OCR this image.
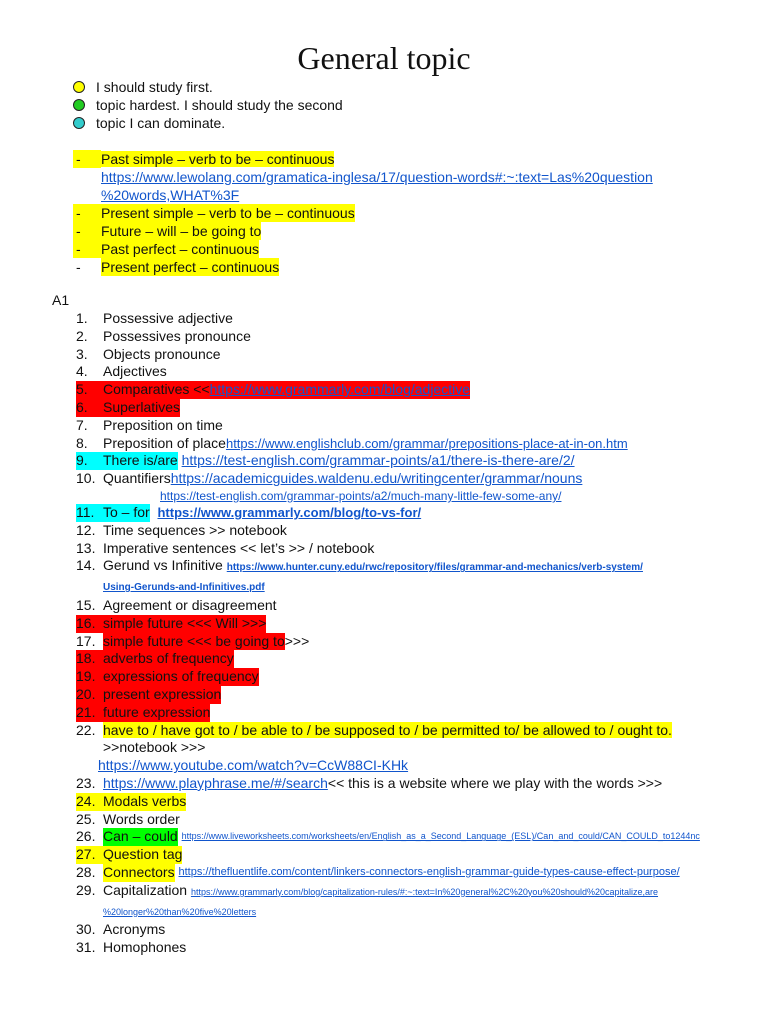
General topic
I should study first.
topic hardest. I should study the second
topic I can dominate.
-	Past simple – verb to be – continuous
https://www.lewolang.com/gramatica-inglesa/17/question-words#:~:text=Las%20question
%20words,WHAT%3F
-	Present simple – verb to be – continuous
-	Future – will – be going to
-	Past perfect – continuous
-	Present perfect – continuous
A1
1.	Possessive adjective
2.	Possessives pronounce
3.	Objects pronounce
4.	Adjectives
5.	Comparatives << https://www.grammarly.com/blog/adjective
6.	Superlatives
7.	Preposition on time
8.	Preposition of place https://www.englishclub.com/grammar/prepositions-place-at-in-on.htm
9.	There is/are
https://test-english.com/grammar-points/a1/there-is-there-are/2/
10. Quantifiers https://academicguides.waldenu.edu/writingcenter/grammar/nouns
https://test-english.com/grammar-points/a2/much-many-little-few-some-any/
11. To – for
https://www.grammarly.com/blog/to-vs-for/
12. Time sequences >> notebook
13. Imperative sentences << let’s >> / notebook
14. Gerund vs Infinitive https://www.hunter.cuny.edu/rwc/repository/files/grammar-and-mechanics/verb-system/
Using-Gerunds-and-Infinitives.pdf
15. Agreement or disagreement
16. simple future <<< Will >>>
17. simple future <<< be going to >>>
18. adverbs of frequency
19. expressions of frequency
20. present expression
21. future expression
22. have to / have got to / be able to / be supposed to / be permitted to/ be allowed to / ought to.
>>notebook >>>
https://www.youtube.com/watch?v=CcW88CI-KHk
23. https://www.playphrase.me/#/search << this is a website where we play with the words >>>
24. Modals verbs
25. Words order
26. Can – could
https://www.liveworksheets.com/worksheets/en/English_as_a_Second_Language_(ESL)/Can_and_could/CAN_COULD_to1244nc
27. Question tag
28. Connectors
https://thefluentlife.com/content/linkers-connectors-english-grammar-guide-types-cause-effect-purpose/
29. Capitalization https://www.grammarly.com/blog/capitalization-rules/#:~:text=In%20general%2C%20you%20should%20capitalize,are
%20longer%20than%20five%20letters
30. Acronyms
31. Homophones
